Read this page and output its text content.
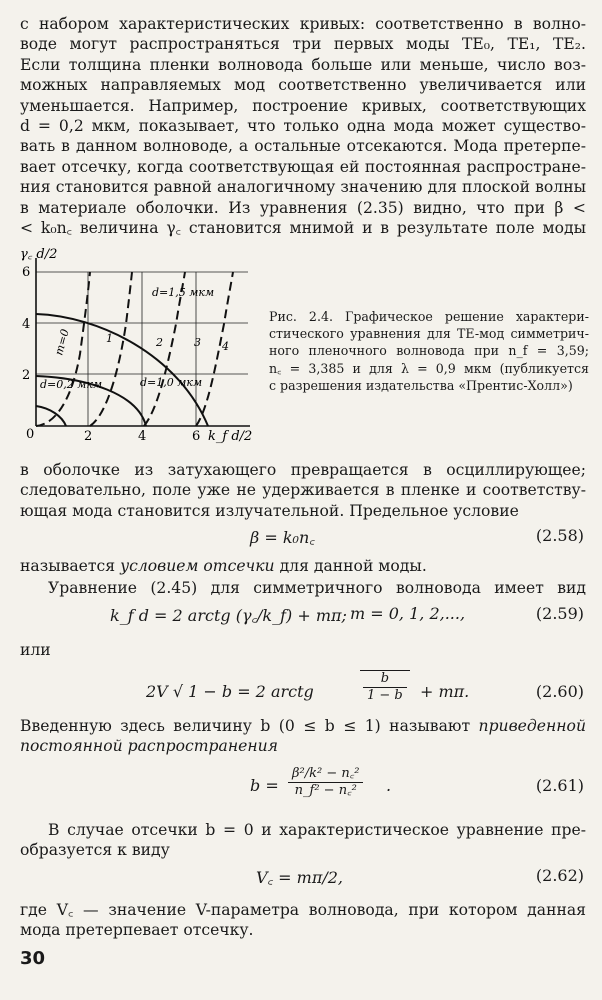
с набором характеристических кривых: соответственно в волно-
воде могут распространяться три первых моды TE₀, TE₁, TE₂.
Если толщина пленки волновода больше или меньше, число воз-
можных направляемых мод соответственно увеличивается или
уменьшается. Например, построение кривых, соответствующих
d = 0,2 мкм, показывает, что только одна мода может существо-
вать в данном волноводе, а остальные отсекаются. Мода претерпе-
вает отсечку, когда соответствующая ей постоянная распростране-
ния становится равной аналогичному значению для плоской волны
в материале оболочки. Из уравнения (2.35) видно, что при β <
< k₀n꜀ величина γ꜀ становится мнимой и в результате поле моды
6
4
2
0	2	4	6 k_f d/2
γ꜀ d/2
d=1,5 мкм
d=1,0 мкм
d=0,2 мкм
m=0	1	2	3 4
Рис. 2.4. Графическое решение характери-
стического уравнения для TE-мод симметрич-
ного пленочного волновода при n_f = 3,59;
n꜀ = 3,385 и для λ = 0,9 мкм (публикуется
с разрешения издательства «Прентис-Холл»)
в оболочке из затухающего превращается в осциллирующее;
следовательно, поле уже не удерживается в пленке и соответству-
ющая мода становится излучательной. Предельное условие
β = k₀n꜀	(2.58)
называется условием отсечки для данной моды.
Уравнение (2.45) для симметричного волновода имеет вид
k_f d = 2 arctg (γ꜀/k_f) + mπ; m = 0, 1, 2,...,	(2.59)
или
2V √ 1 − b = 2 arctg	$\frac{b}{1 - b} + m\pi$.	(2.60)
Введенную здесь величину b (0 ≤ b ≤ 1) называют приведенной
постоянной распространения
$b = \frac{\text{β²/k² − n꜀²}}{\text{n\_f² − n꜀²}}$ .	(2.61)
В случае отсечки b = 0 и характеристическое уравнение пре-
образуется к виду
V꜀ = mπ/2,	(2.62)
где V꜀ — значение V-параметра волновода, при котором данная
мода претерпевает отсечку.
30
